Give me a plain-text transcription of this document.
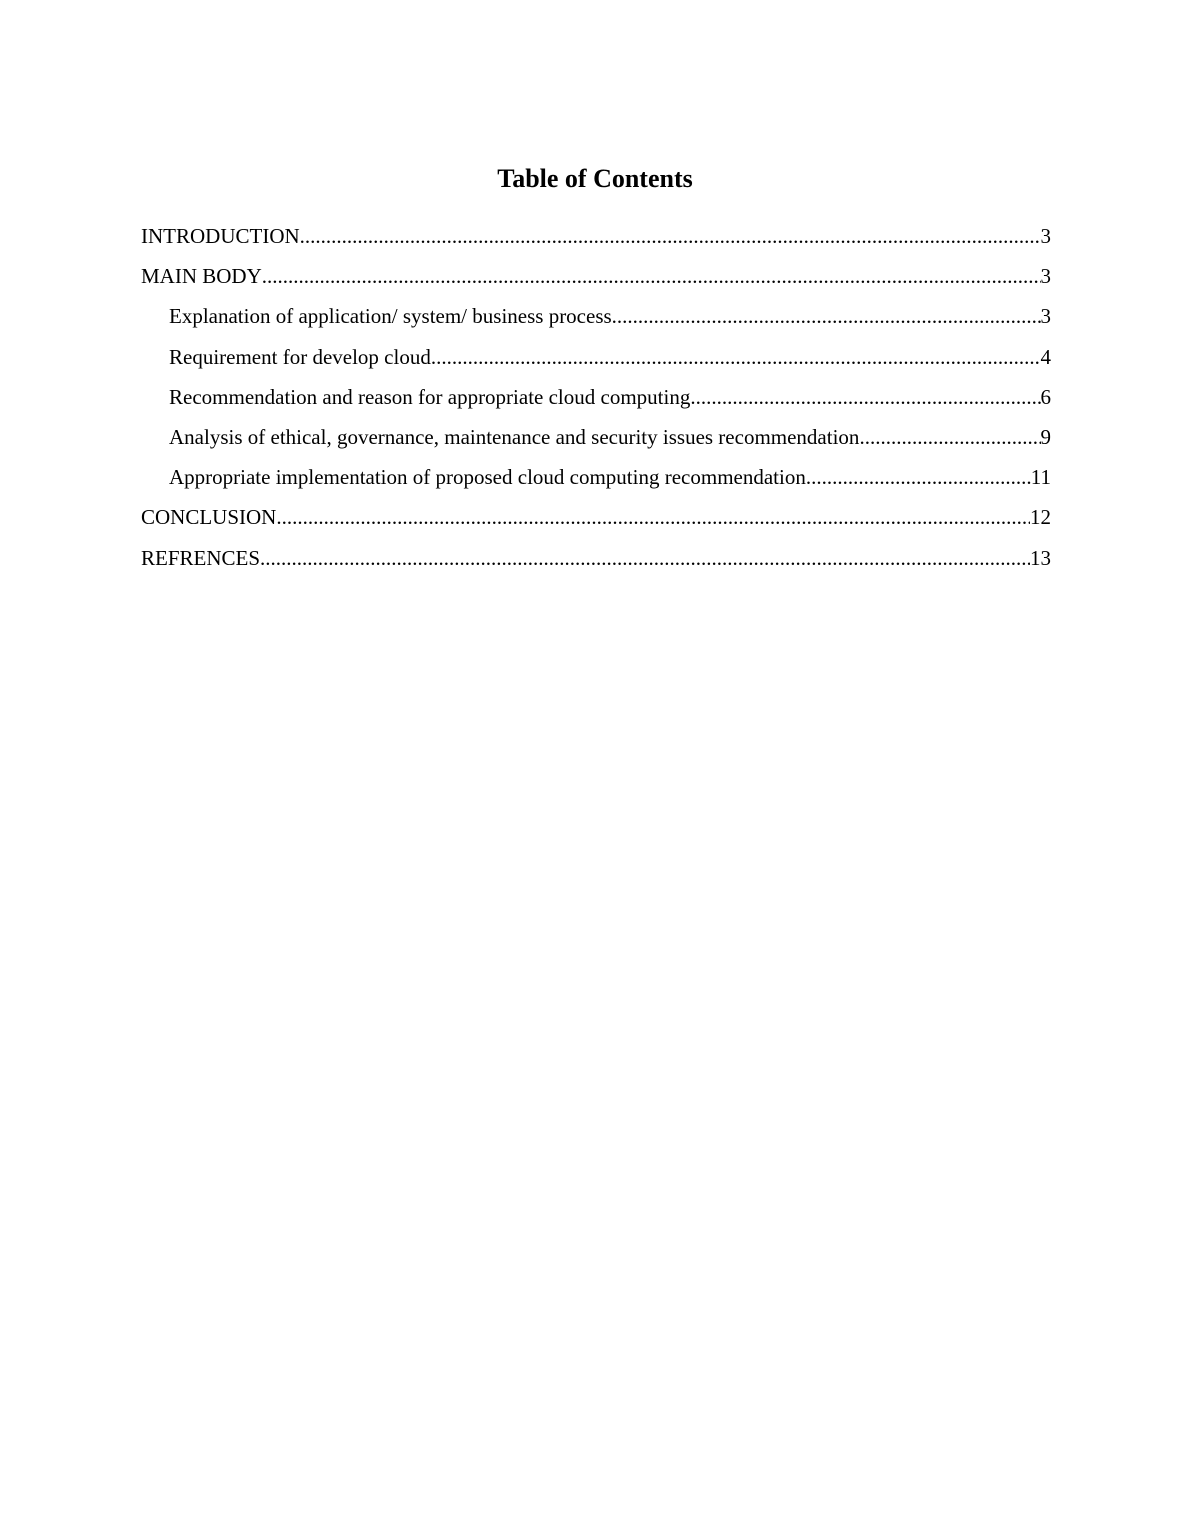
Table of Contents
INTRODUCTION .....	3
MAIN BODY .....	3
Explanation of application/ system/ business process .....	3
Requirement for develop cloud .....	4
Recommendation and reason for appropriate cloud computing .....	6
Analysis of ethical, governance, maintenance and security issues recommendation .....	9
Appropriate implementation of proposed cloud computing recommendation .....	11
CONCLUSION .....	12
REFRENCES .....	13
